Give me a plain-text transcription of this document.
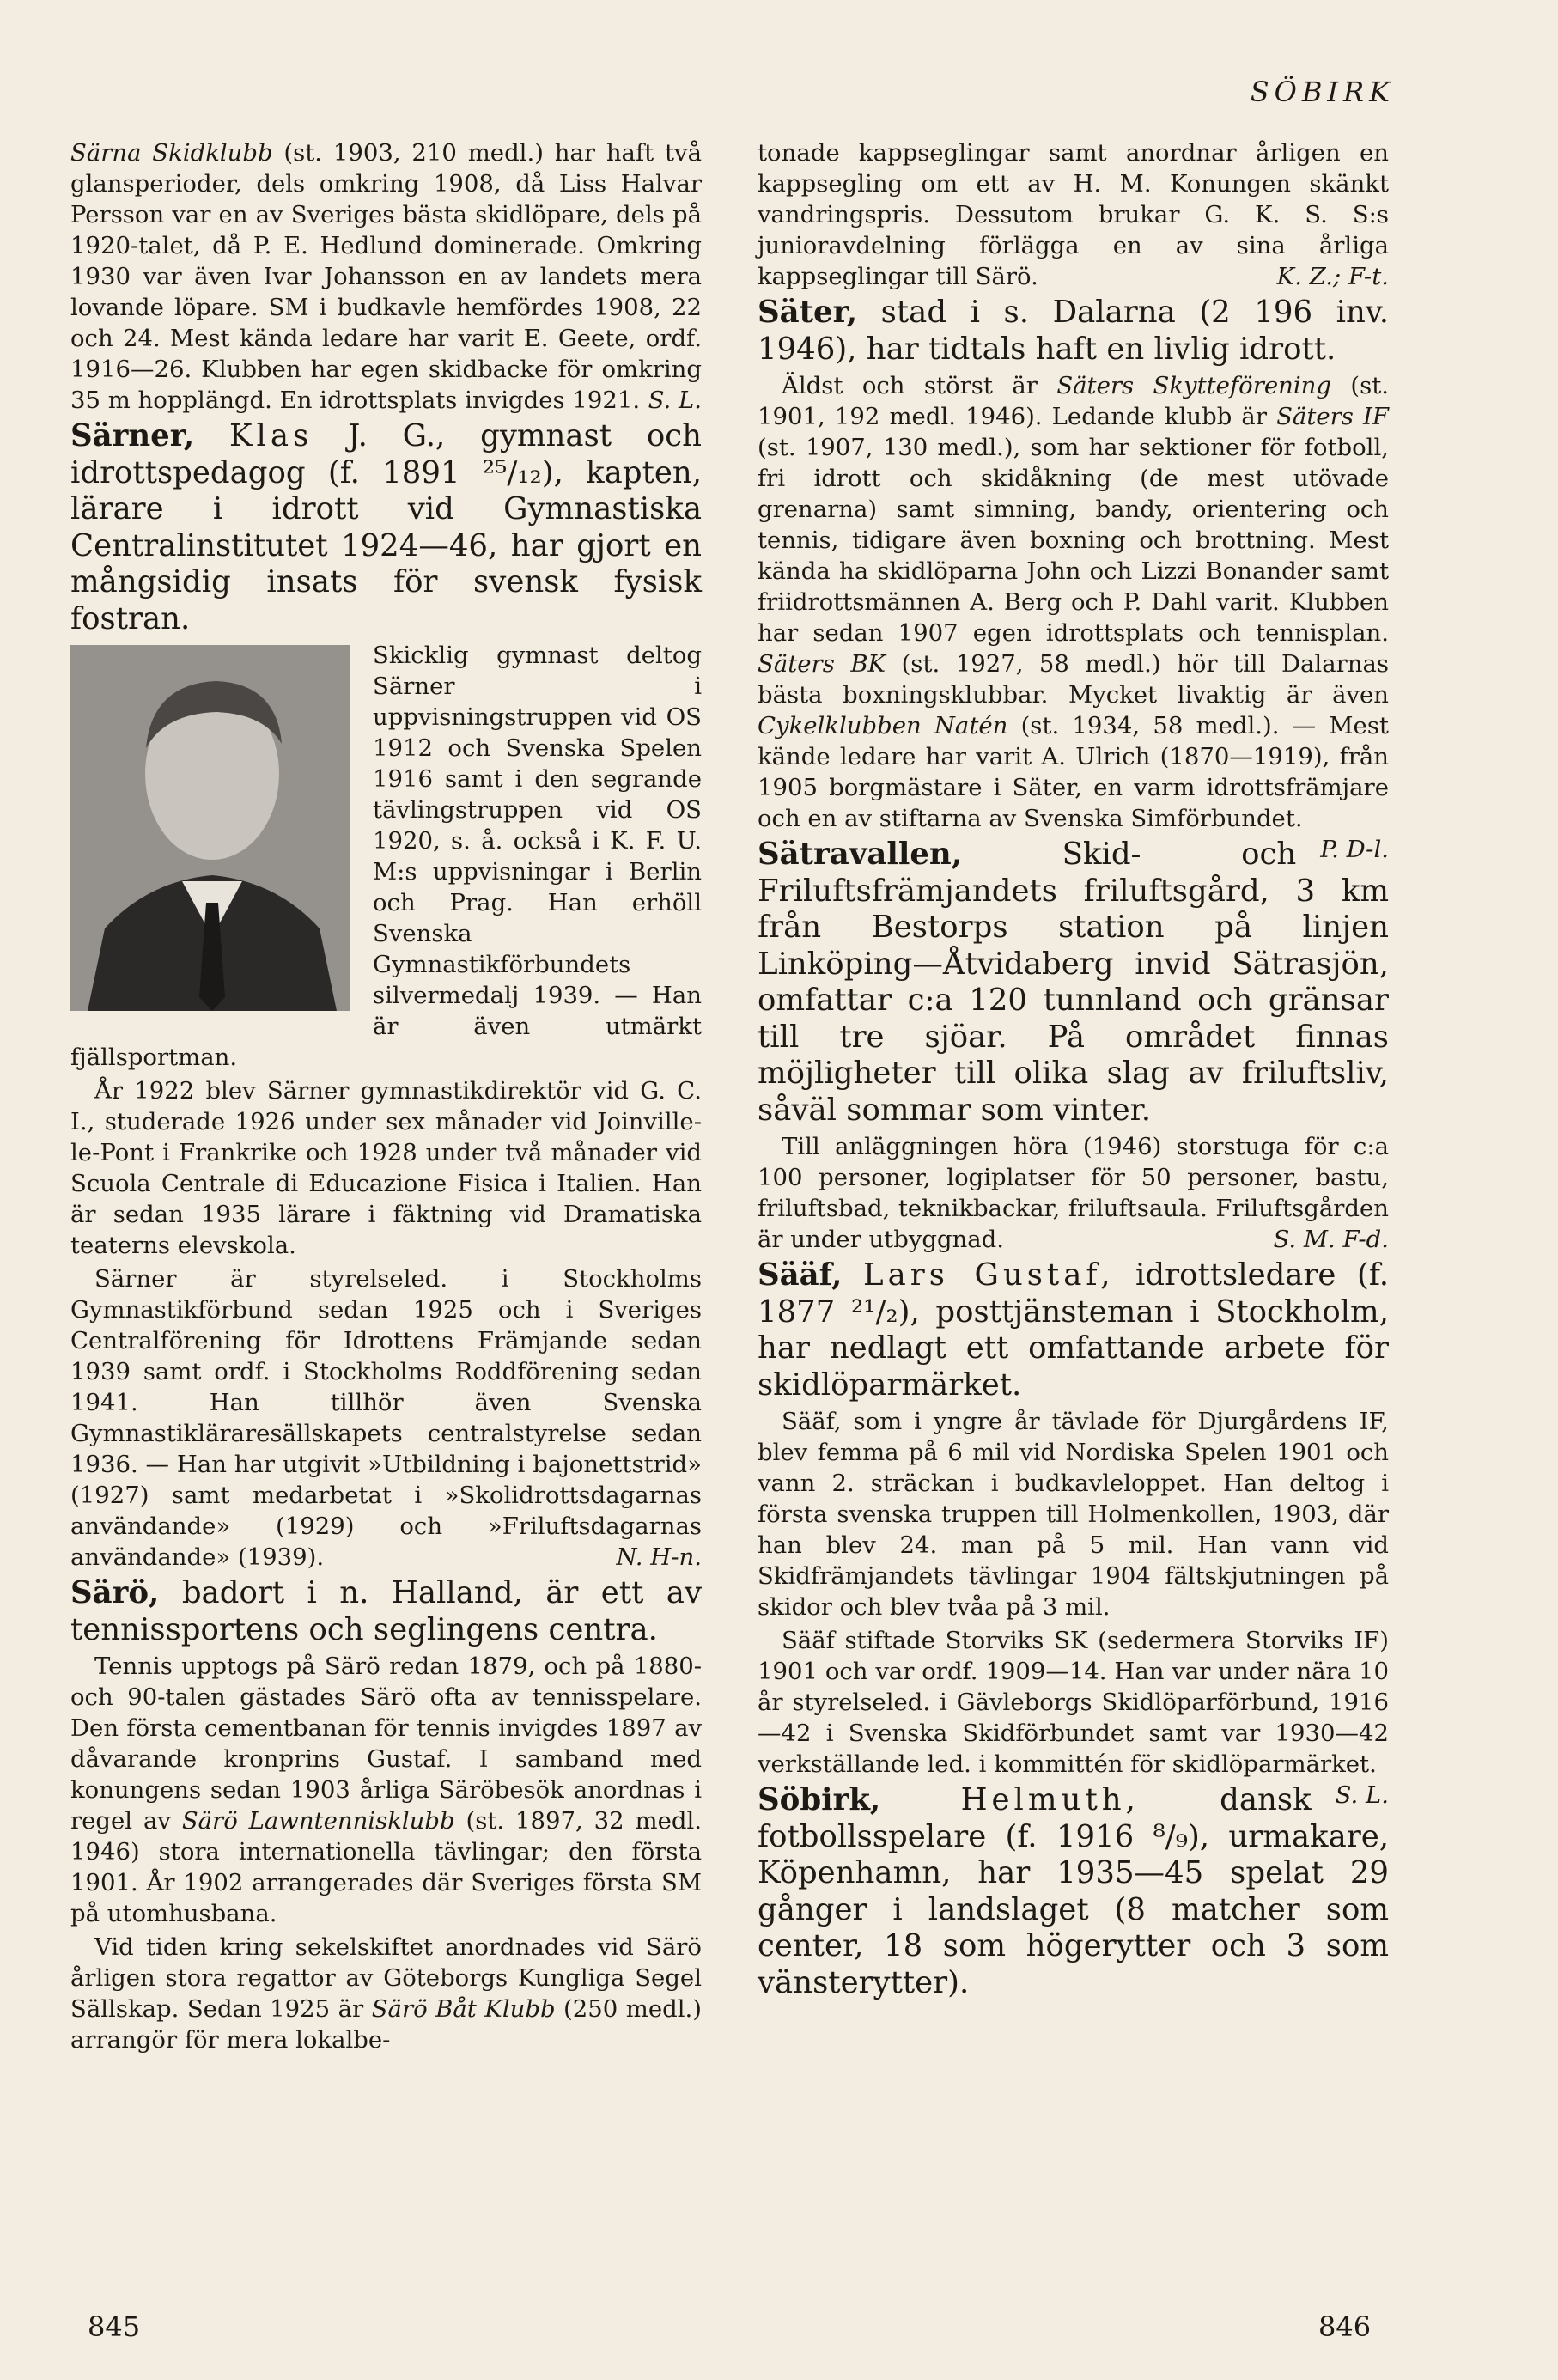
SÖBIRK

Särna Skidklubb (st. 1903, 210 medl.) har haft två glansperioder, dels omkring 1908, då Liss Halvar Persson var en av Sveriges bästa skidlöpare, dels på 1920-talet, då P. E. Hedlund dominerade. Omkring 1930 var även Ivar Johansson en av landets mera lovande löpare. SM i budkavle hemfördes 1908, 22 och 24. Mest kända ledare har varit E. Geete, ordf. 1916—26. Klubben har egen skidbacke för omkring 35 m hopplängd. En idrottsplats invigdes 1921. S. L.

Särner, Klas J. G., gymnast och idrottspedagog (f. 1891 ²⁵/₁₂), kapten, lärare i idrott vid Gymnastiska Centralinstitutet 1924—46, har gjort en mångsidig insats för svensk fysisk fostran.

Skicklig gymnast deltog Särner i uppvisningstruppen vid OS 1912 och Svenska Spelen 1916 samt i den segrande tävlingstruppen vid OS 1920, s. å. också i K. F. U. M:s uppvisningar i Berlin och Prag. Han erhöll Svenska Gymnastikförbundets silvermedalj 1939. — Han är även utmärkt fjällsportman.

År 1922 blev Särner gymnastikdirektör vid G. C. I., studerade 1926 under sex månader vid Joinville-le-Pont i Frankrike och 1928 under två månader vid Scuola Centrale di Educazione Fisica i Italien. Han är sedan 1935 lärare i fäktning vid Dramatiska teaterns elevskola.

Särner är styrelseled. i Stockholms Gymnastikförbund sedan 1925 och i Sveriges Centralförening för Idrottens Främjande sedan 1939 samt ordf. i Stockholms Roddförening sedan 1941. Han tillhör även Svenska Gymnastikläraresällskapets centralstyrelse sedan 1936. — Han har utgivit »Utbildning i bajonettstrid» (1927) samt medarbetat i »Skolidrottsdagarnas användande» (1929) och »Friluftsdagarnas användande» (1939).	N. H-n.

Särö, badort i n. Halland, är ett av tennissportens och seglingens centra.

Tennis upptogs på Särö redan 1879, och på 1880- och 90-talen gästades Särö ofta av tennisspelare. Den första cementbanan för tennis invigdes 1897 av dåvarande kronprins Gustaf. I samband med konungens sedan 1903 årliga Säröbesök anordnas i regel av Särö Lawntennisklubb (st. 1897, 32 medl. 1946) stora internationella tävlingar; den första 1901. År 1902 arrangerades där Sveriges första SM på utomhusbana.

Vid tiden kring sekelskiftet anordnades vid Särö årligen stora regattor av Göteborgs Kungliga Segel Sällskap. Sedan 1925 är Särö Båt Klubb (250 medl.) arrangör för mera lokalbe-

tonade kappseglingar samt anordnar årligen en kappsegling om ett av H. M. Konungen skänkt vandringspris. Dessutom brukar G. K. S. S:s junioravdelning förlägga en av sina årliga kappseglingar till Särö.	K. Z.; F-t.

Säter, stad i s. Dalarna (2 196 inv. 1946), har tidtals haft en livlig idrott.

Äldst och störst är Säters Skytteförening (st. 1901, 192 medl. 1946). Ledande klubb är Säters IF (st. 1907, 130 medl.), som har sektioner för fotboll, fri idrott och skidåkning (de mest utövade grenarna) samt simning, bandy, orientering och tennis, tidigare även boxning och brottning. Mest kända ha skidlöparna John och Lizzi Bonander samt friidrottsmännen A. Berg och P. Dahl varit. Klubben har sedan 1907 egen idrottsplats och tennisplan. Säters BK (st. 1927, 58 medl.) hör till Dalarnas bästa boxningsklubbar. Mycket livaktig är även Cykelklubben Natén (st. 1934, 58 medl.). — Mest kände ledare har varit A. Ulrich (1870—1919), från 1905 borgmästare i Säter, en varm idrottsfrämjare och en av stiftarna av Svenska Simförbundet.
P. D-l.

Sätravallen, Skid- och Friluftsfrämjandets friluftsgård, 3 km från Bestorps station på linjen Linköping—Åtvidaberg invid Sätrasjön, omfattar c:a 120 tunnland och gränsar till tre sjöar. På området finnas möjligheter till olika slag av friluftsliv, såväl sommar som vinter.

Till anläggningen höra (1946) storstuga för c:a 100 personer, logiplatser för 50 personer, bastu, friluftsbad, teknikbackar, friluftsaula. Friluftsgården är under utbyggnad.	S. M. F-d.

Sääf, Lars Gustaf, idrottsledare (f. 1877 ²¹/₂), posttjänsteman i Stockholm, har nedlagt ett omfattande arbete för skidlöparmärket.

Sääf, som i yngre år tävlade för Djurgårdens IF, blev femma på 6 mil vid Nordiska Spelen 1901 och vann 2. sträckan i budkavleloppet. Han deltog i första svenska truppen till Holmenkollen, 1903, där han blev 24. man på 5 mil. Han vann vid Skidfrämjandets tävlingar 1904 fältskjutningen på skidor och blev tvåa på 3 mil.

Sääf stiftade Storviks SK (sedermera Storviks IF) 1901 och var ordf. 1909—14. Han var under nära 10 år styrelseled. i Gävleborgs Skidlöparförbund, 1916—42 i Svenska Skidförbundet samt var 1930—42 verkställande led. i kommittén för skidlöparmärket.
S. L.

Söbirk,	Helmuth, dansk fotbollsspelare (f. 1916 ⁸/₉), urmakare, Köpenhamn, har 1935—45 spelat 29 gånger i landslaget (8 matcher som center, 18 som högerytter och 3 som vänsterytter).

845	846
